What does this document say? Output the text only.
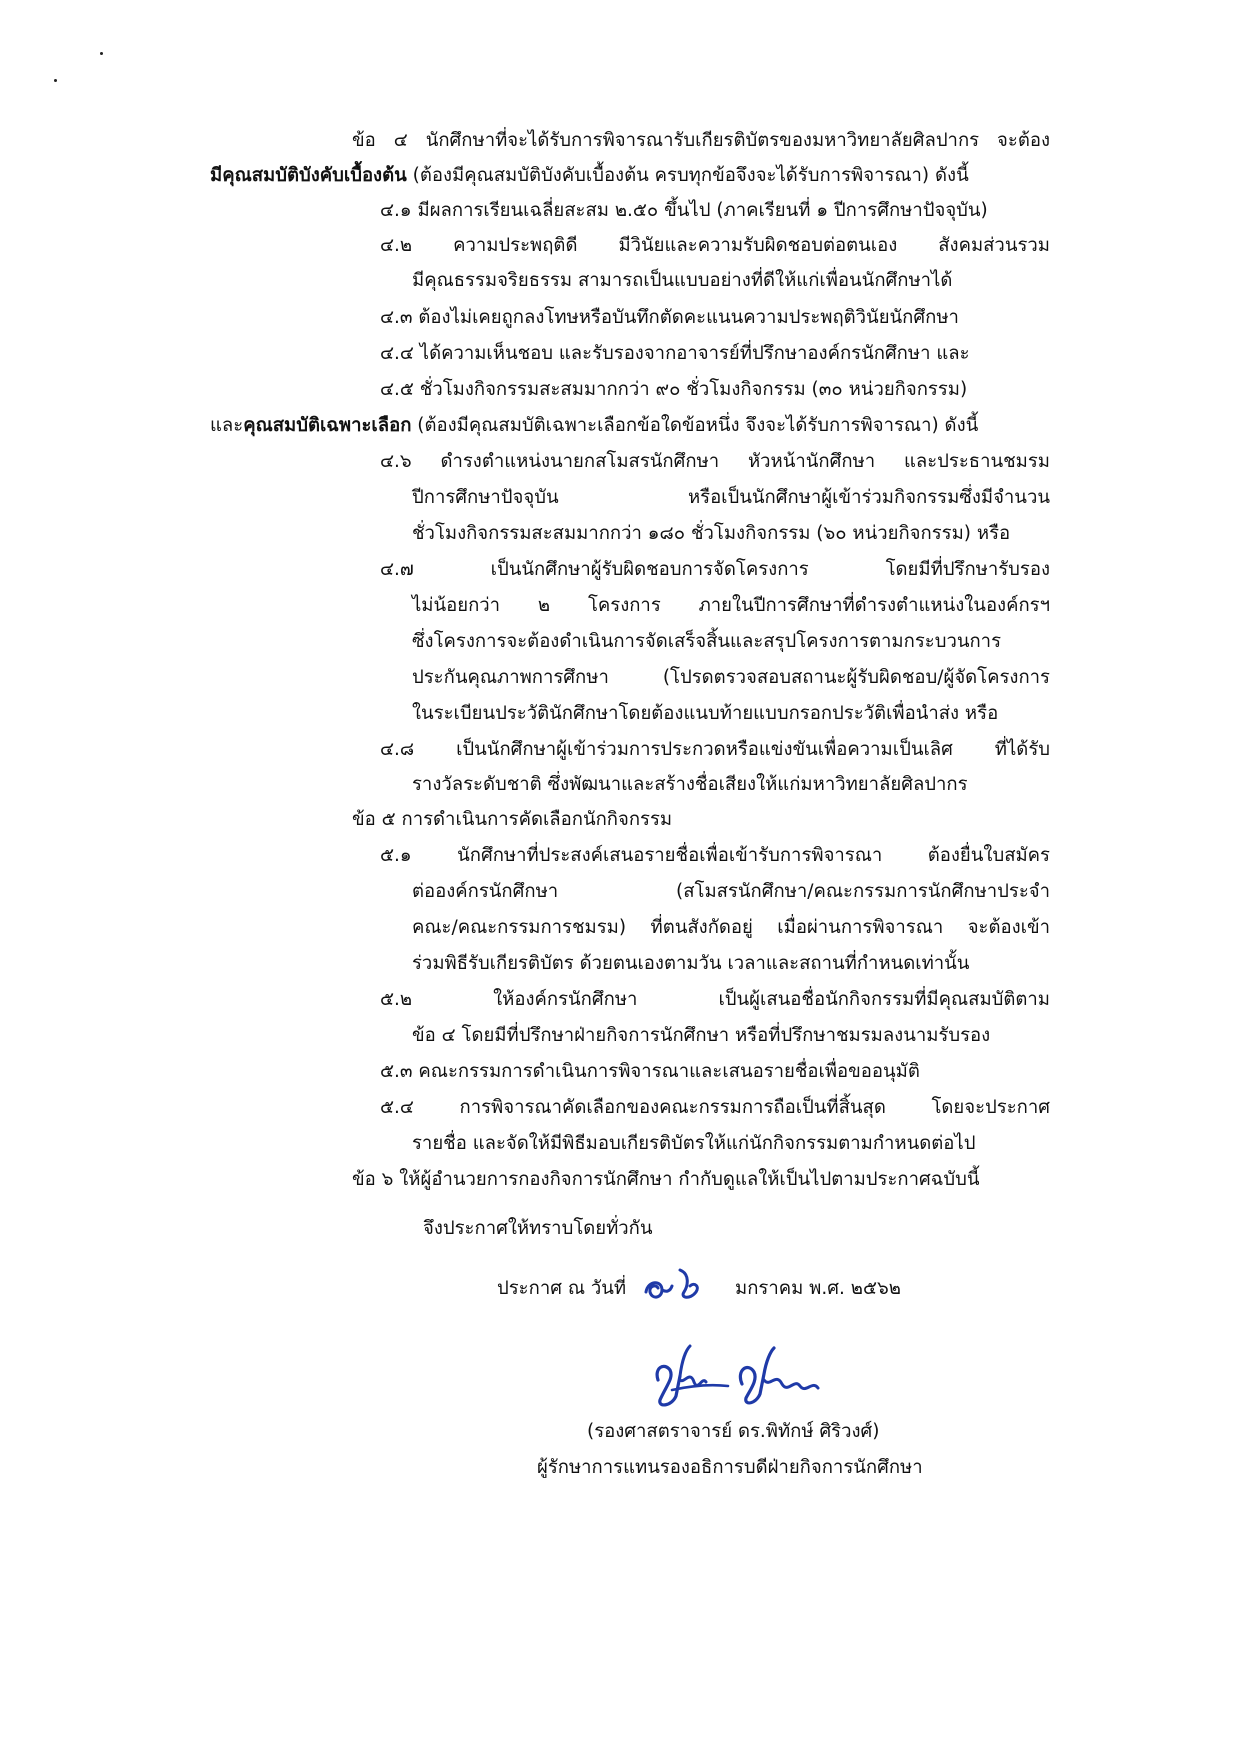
ข้อ ๔ นักศึกษาที่จะได้รับการพิจารณารับเกียรติบัตรของมหาวิทยาลัยศิลปากร จะต้อง
มีคุณสมบัติบังคับเบื้องต้น (ต้องมีคุณสมบัติบังคับเบื้องต้น ครบทุกข้อจึงจะได้รับการพิจารณา) ดังนี้
๔.๑ มีผลการเรียนเฉลี่ยสะสม ๒.๕๐ ขึ้นไป (ภาคเรียนที่ ๑ ปีการศึกษาปัจจุบัน)
๔.๒ ความประพฤติดี มีวินัยและความรับผิดชอบต่อตนเอง สังคมส่วนรวม
มีคุณธรรมจริยธรรม สามารถเป็นแบบอย่างที่ดีให้แก่เพื่อนนักศึกษาได้
๔.๓ ต้องไม่เคยถูกลงโทษหรือบันทึกตัดคะแนนความประพฤติวินัยนักศึกษา
๔.๔ ได้ความเห็นชอบ และรับรองจากอาจารย์ที่ปรึกษาองค์กรนักศึกษา และ
๔.๕ ชั่วโมงกิจกรรมสะสมมากกว่า ๙๐ ชั่วโมงกิจกรรม (๓๐ หน่วยกิจกรรม)
และคุณสมบัติเฉพาะเลือก (ต้องมีคุณสมบัติเฉพาะเลือกข้อใดข้อหนึ่ง จึงจะได้รับการพิจารณา) ดังนี้
๔.๖ ดำรงตำแหน่งนายกสโมสรนักศึกษา หัวหน้านักศึกษา และประธานชมรม
ปีการศึกษาปัจจุบัน หรือเป็นนักศึกษาผู้เข้าร่วมกิจกรรมซึ่งมีจำนวน
ชั่วโมงกิจกรรมสะสมมากกว่า ๑๘๐ ชั่วโมงกิจกรรม (๖๐ หน่วยกิจกรรม) หรือ
๔.๗ เป็นนักศึกษาผู้รับผิดชอบการจัดโครงการ โดยมีที่ปรึกษารับรอง
ไม่น้อยกว่า ๒ โครงการ ภายในปีการศึกษาที่ดำรงตำแหน่งในองค์กรฯ
ซึ่งโครงการจะต้องดำเนินการจัดเสร็จสิ้นและสรุปโครงการตามกระบวนการ
ประกันคุณภาพการศึกษา (โปรดตรวจสอบสถานะผู้รับผิดชอบ/ผู้จัดโครงการ
ในระเบียนประวัตินักศึกษาโดยต้องแนบท้ายแบบกรอกประวัติเพื่อนำส่ง หรือ
๔.๘ เป็นนักศึกษาผู้เข้าร่วมการประกวดหรือแข่งขันเพื่อความเป็นเลิศ ที่ได้รับ
รางวัลระดับชาติ ซึ่งพัฒนาและสร้างชื่อเสียงให้แก่มหาวิทยาลัยศิลปากร
ข้อ ๕ การดำเนินการคัดเลือกนักกิจกรรม
๕.๑ นักศึกษาที่ประสงค์เสนอรายชื่อเพื่อเข้ารับการพิจารณา ต้องยื่นใบสมัคร
ต่อองค์กรนักศึกษา (สโมสรนักศึกษา/คณะกรรมการนักศึกษาประจำ
คณะ/คณะกรรมการชมรม) ที่ตนสังกัดอยู่ เมื่อผ่านการพิจารณา จะต้องเข้า
ร่วมพิธีรับเกียรติบัตร ด้วยตนเองตามวัน เวลาและสถานที่กำหนดเท่านั้น
๕.๒ ให้องค์กรนักศึกษา เป็นผู้เสนอชื่อนักกิจกรรมที่มีคุณสมบัติตาม
ข้อ ๔ โดยมีที่ปรึกษาฝ่ายกิจการนักศึกษา หรือที่ปรึกษาชมรมลงนามรับรอง
๕.๓ คณะกรรมการดำเนินการพิจารณาและเสนอรายชื่อเพื่อขออนุมัติ
๕.๔ การพิจารณาคัดเลือกของคณะกรรมการถือเป็นที่สิ้นสุด โดยจะประกาศ
รายชื่อ และจัดให้มีพิธีมอบเกียรติบัตรให้แก่นักกิจกรรมตามกำหนดต่อไป
ข้อ ๖ ให้ผู้อำนวยการกองกิจการนักศึกษา กำกับดูแลให้เป็นไปตามประกาศฉบับนี้
จึงประกาศให้ทราบโดยทั่วกัน
ประกาศ ณ วันที่	มกราคม พ.ศ. ๒๕๖๒
(รองศาสตราจารย์ ดร.พิทักษ์ ศิริวงศ์)
ผู้รักษาการแทนรองอธิการบดีฝ่ายกิจการนักศึกษา
